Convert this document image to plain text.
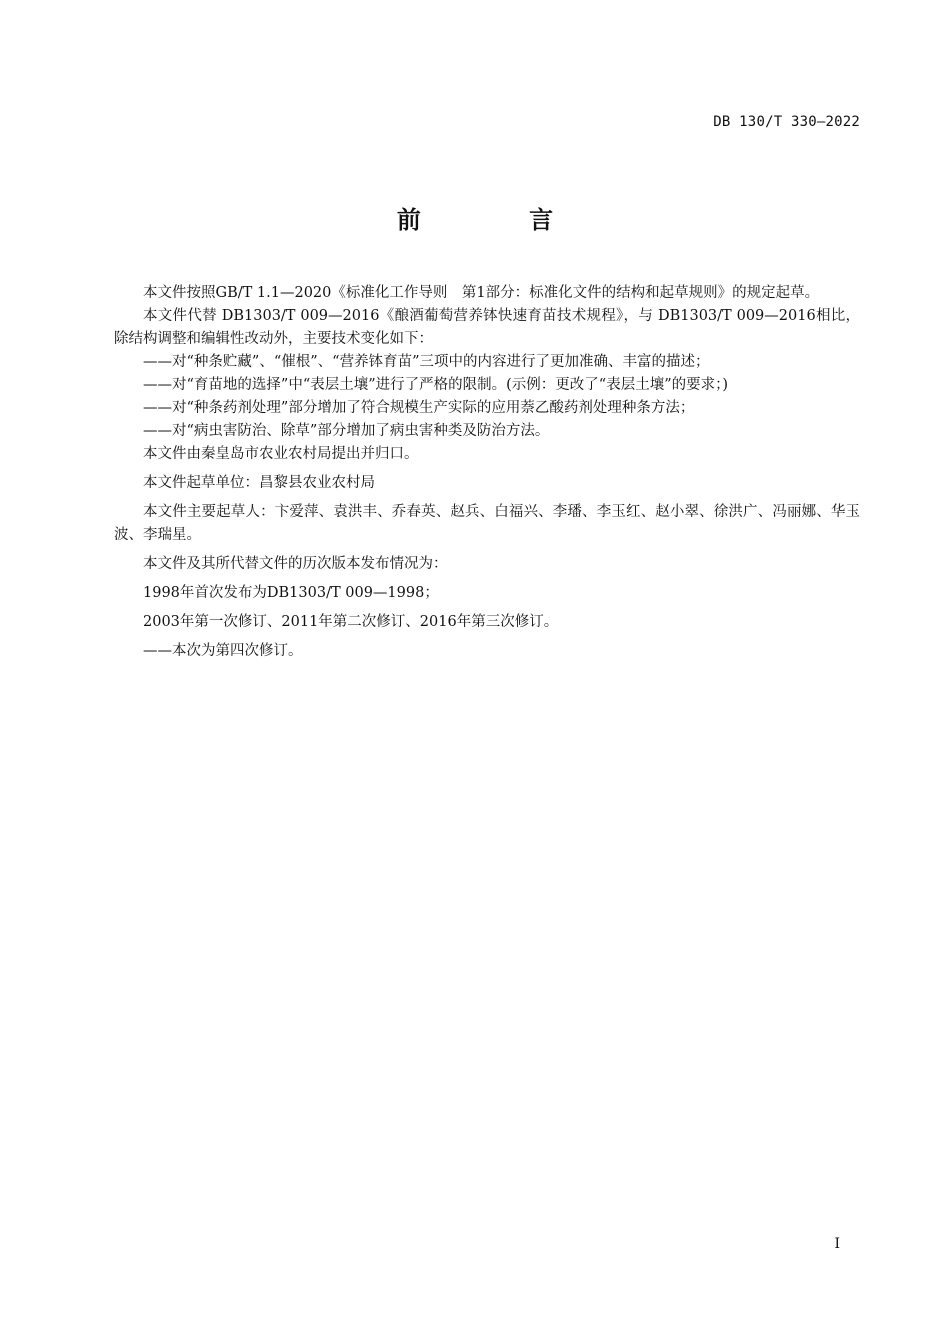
DB 130/T 330—2022
前 言

本文件按照GB/T 1.1—2020《标准化工作导则　第1部分：标准化文件的结构和起草规则》的规定起草。

本文件代替 DB1303/T 009—2016《酿酒葡萄营养钵快速育苗技术规程》，与 DB1303/T 009—2016相比，除结构调整和编辑性改动外，主要技术变化如下：

——对“种条贮藏”、“催根”、“营养钵育苗”三项中的内容进行了更加准确、丰富的描述；

——对“育苗地的选择”中“表层土壤”进行了严格的限制。(示例：更改了“表层土壤”的要求；)

——对“种条药剂处理”部分增加了符合规模生产实际的应用萘乙酸药剂处理种条方法；

——对“病虫害防治、除草”部分增加了病虫害种类及防治方法。

本文件由秦皇岛市农业农村局提出并归口。

本文件起草单位：昌黎县农业农村局

本文件主要起草人：卞爱萍、袁洪丰、乔春英、赵兵、白福兴、李璠、李玉红、赵小翠、徐洪广、冯丽娜、华玉波、李瑞星。

本文件及其所代替文件的历次版本发布情况为：

1998年首次发布为DB1303/T 009—1998；

2003年第一次修订、2011年第二次修订、2016年第三次修订。

——本次为第四次修订。

I
